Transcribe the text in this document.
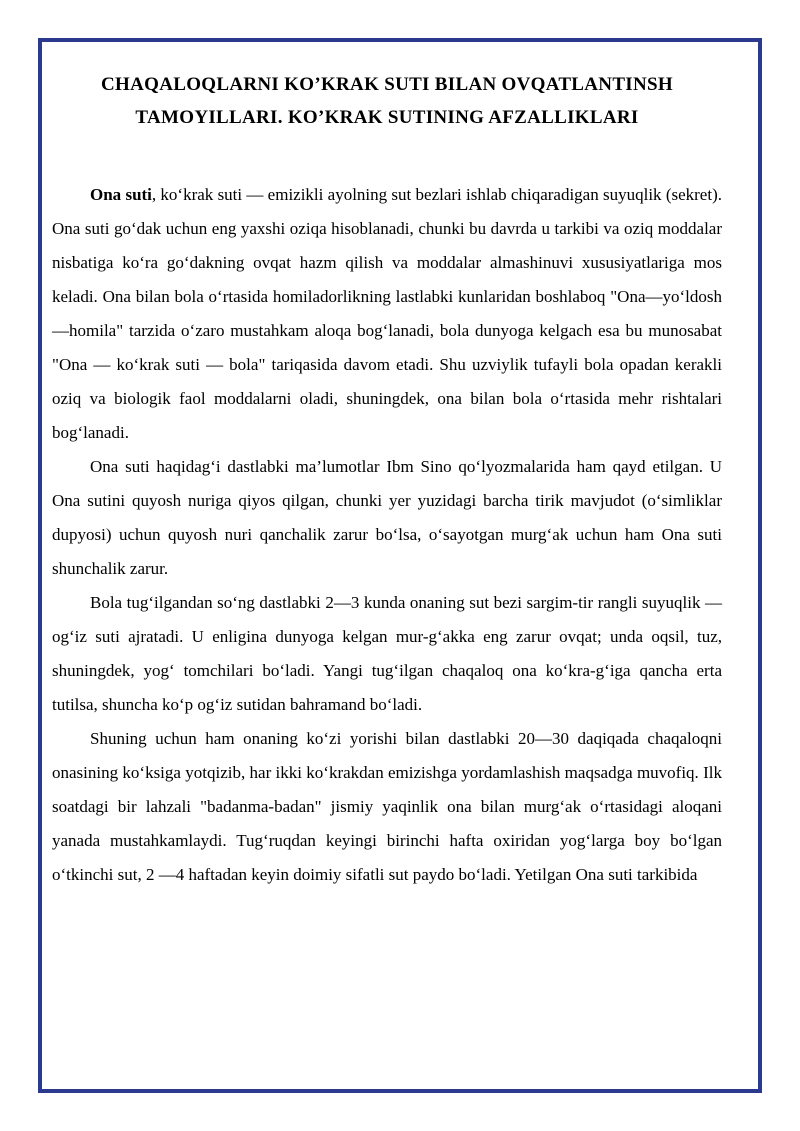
CHAQALOQLARNI KO’KRAK SUTI BILAN OVQATLANTINSH
TAMOYILLARI. KO’KRAK SUTINING AFZALLIKLARI

Ona suti, ko‘krak suti — emizikli ayolning sut bezlari ishlab chiqaradigan suyuqlik (sekret). Ona suti go‘dak uchun eng yaxshi oziqa hisoblanadi, chunki bu davrda u tarkibi va oziq moddalar nisbatiga ko‘ra go‘dakning ovqat hazm qilish va moddalar almashinuvi xususiyatlariga mos keladi. Ona bilan bola o‘rtasida homiladorlikning lastlabki kunlaridan boshlaboq "Ona—yo‘ldosh—homila" tarzida o‘zaro mustahkam aloqa bog‘lanadi, bola dunyoga kelgach esa bu munosabat "Ona — ko‘krak suti — bola" tariqasida davom etadi. Shu uzviylik tufayli bola opadan kerakli oziq va biologik faol moddalarni oladi, shuningdek, ona bilan bola o‘rtasida mehr rishtalari bog‘lanadi.

Ona suti haqidag‘i dastlabki ma’lumotlar Ibm Sino qo‘lyozmalarida ham qayd etilgan. U Ona sutini quyosh nuriga qiyos qilgan, chunki yer yuzidagi barcha tirik mavjudot (o‘simliklar dupyosi) uchun quyosh nuri qanchalik zarur bo‘lsa, o‘sayotgan murg‘ak uchun ham Ona suti shunchalik zarur.

Bola tug‘ilgandan so‘ng dastlabki 2—3 kunda onaning sut bezi sargim-tir rangli suyuqlik — og‘iz suti ajratadi. U enligina dunyoga kelgan mur-g‘akka eng zarur ovqat; unda oqsil, tuz, shuningdek, yog‘ tomchilari bo‘ladi. Yangi tug‘ilgan chaqaloq ona ko‘kra-g‘iga qancha erta tutilsa, shuncha ko‘p og‘iz sutidan bahramand bo‘ladi.

Shuning uchun ham onaning ko‘zi yorishi bilan dastlabki 20—30 daqiqada chaqaloqni onasining ko‘ksiga yotqizib, har ikki ko‘krakdan emizishga yordamlashish maqsadga muvofiq. Ilk soatdagi bir lahzali "badanma-badan" jismiy yaqinlik ona bilan murg‘ak o‘rtasidagi aloqani yanada mustahkamlaydi. Tug‘ruqdan keyingi birinchi hafta oxiridan yog‘larga boy bo‘lgan o‘tkinchi sut, 2 —4 haftadan keyin doimiy sifatli sut paydo bo‘ladi. Yetilgan Ona suti tarkibida
